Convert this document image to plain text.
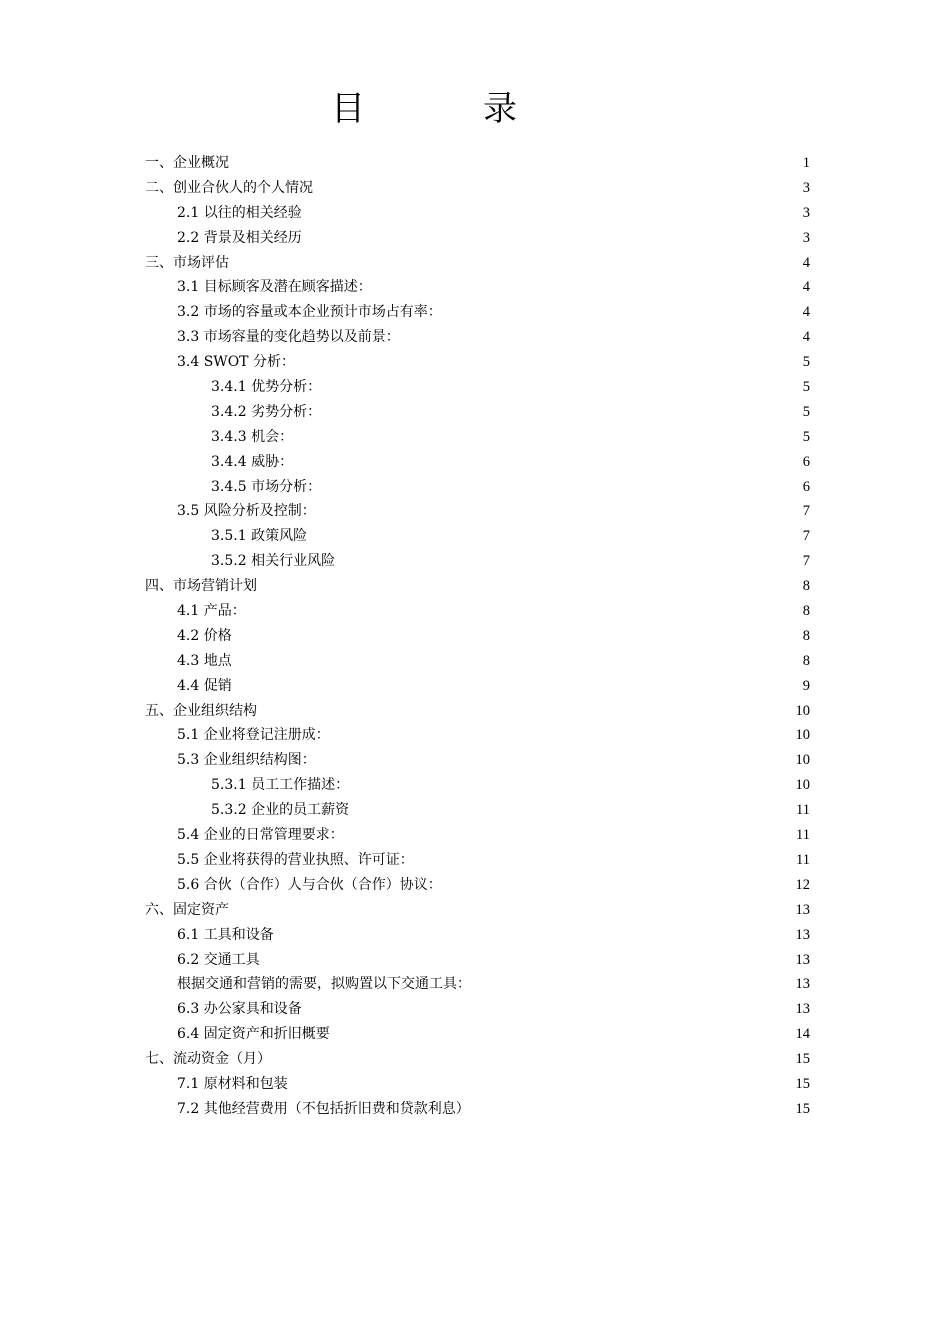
目　录
一、企业概况	1
二、创业合伙人的个人情况	3
2.1 以往的相关经验	3
2.2 背景及相关经历	3
三、市场评估	4
3.1 目标顾客及潜在顾客描述：	4
3.2 市场的容量或本企业预计市场占有率：	4
3.3 市场容量的变化趋势以及前景：	4
3.4 SWOT 分析：	5
3.4.1 优势分析：	5
3.4.2 劣势分析：	5
3.4.3 机会：	5
3.4.4 威胁：	6
3.4.5 市场分析：	6
3.5 风险分析及控制：	7
3.5.1 政策风险	7
3.5.2 相关行业风险	7
四、市场营销计划	8
4.1 产品：	8
4.2 价格	8
4.3 地点	8
4.4 促销	9
五、企业组织结构	10
5.1 企业将登记注册成：	10
5.3 企业组织结构图：	10
5.3.1 员工工作描述：	10
5.3.2 企业的员工薪资	11
5.4 企业的日常管理要求：	11
5.5 企业将获得的营业执照、许可证：	11
5.6 合伙（合作）人与合伙（合作）协议：	12
六、固定资产	13
6.1 工具和设备	13
6.2 交通工具	13
根据交通和营销的需要，拟购置以下交通工具：	13
6.3 办公家具和设备	13
6.4 固定资产和折旧概要	14
七、流动资金（月）	15
7.1 原材料和包装	15
7.2 其他经营费用（不包括折旧费和贷款利息）	15
